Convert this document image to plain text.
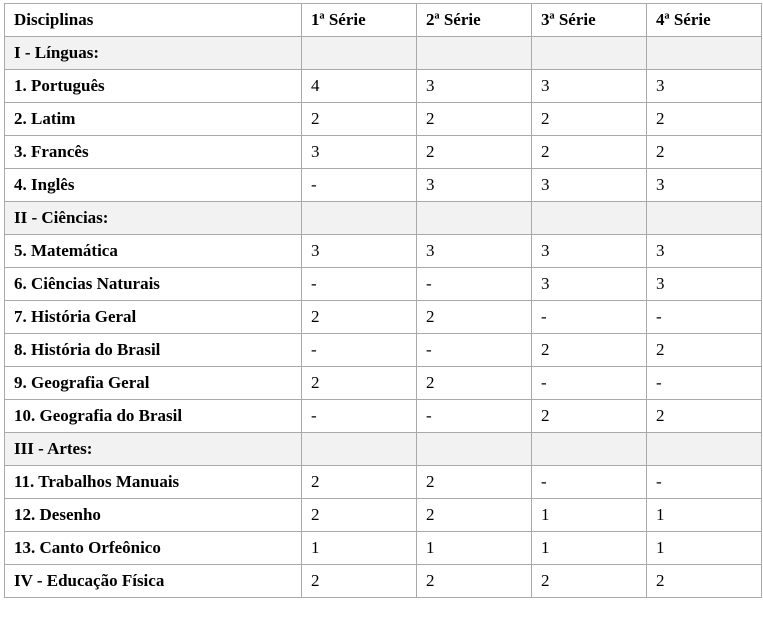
Disciplinas	1ª Série	2ª Série	3ª Série	4ª Série
I - Línguas:				
1. Português	4	3	3	3
2. Latim	2	2	2	2
3. Francês	3	2	2	2
4. Inglês	-	3	3	3
II - Ciências:				
5. Matemática	3	3	3	3
6. Ciências Naturais	-	-	3	3
7. História Geral	2	2	-	-
8. História do Brasil	-	-	2	2
9. Geografia Geral	2	2	-	-
10. Geografia do Brasil	-	-	2	2
III - Artes:				
11. Trabalhos Manuais	2	2	-	-
12. Desenho	2	2	1	1
13. Canto Orfeônico	1	1	1	1
IV - Educação Física	2	2	2	2
